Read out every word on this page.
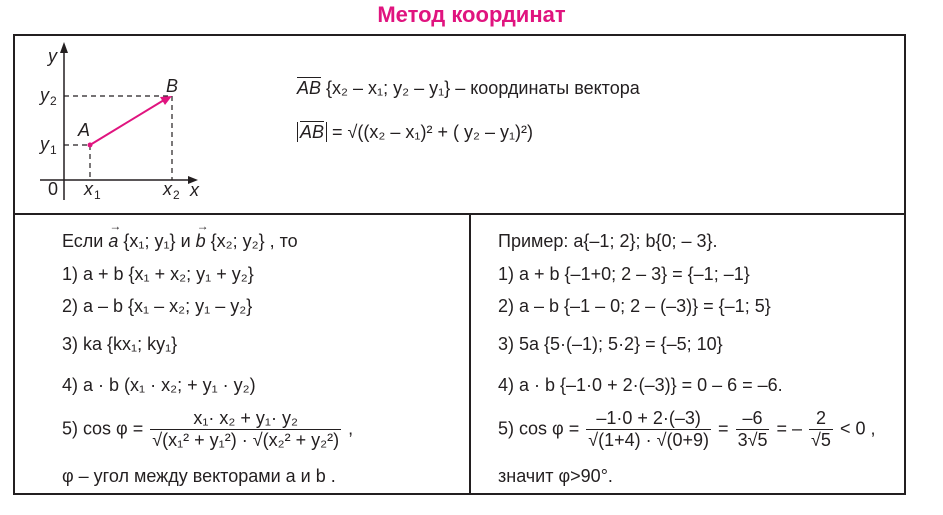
Метод координат
A
B
y
x
0
y 2
y 1
x 1	x 2
$\overline{AB}$ {x₂ – x₁; y₂ – y₁} – координаты вектора
$\overline{AB} = √((x_2 - x_1)^2$ + ( y₂ – y₁)²)
Если → a {x₁; y₁} и → b {x₂; y₂} , то
1) a + b {x₁ + x₂; y₁ + y₂}
2) a – b {x₁ – x₂; y₁ – y₂}
3) ka {kx₁; ky₁}
4) a · b (x₁ · x₂; + y₁ · y₂)
5) $\cos \varphi = \frac{\text{x₁· x₂ + y₁· y₂}}{\text{√(x₁² + y₁²) · √(x₂² + y₂²)}}$ ,
φ – угол между векторами a и b .
Пример: a{–1; 2}; b{0; – 3}.
1) a + b {–1+0; 2 – 3} = {–1; –1}
2) a – b {–1 – 0; 2 – (–3)} = {–1; 5}
3) 5a {5·(–1); 5·2} = {–5; 10}
4) a · b {–1·0 + 2·(–3)} = 0 – 6 = –6.
5) $\cos \varphi = \frac{-1\cdot 0 + 2\cdot(-3)}{√(1+4) \cdot √(0+9)} = \frac{-6}{3√5}$ = – $\frac{2}{√5} < 0$ ,
значит φ>90°.
